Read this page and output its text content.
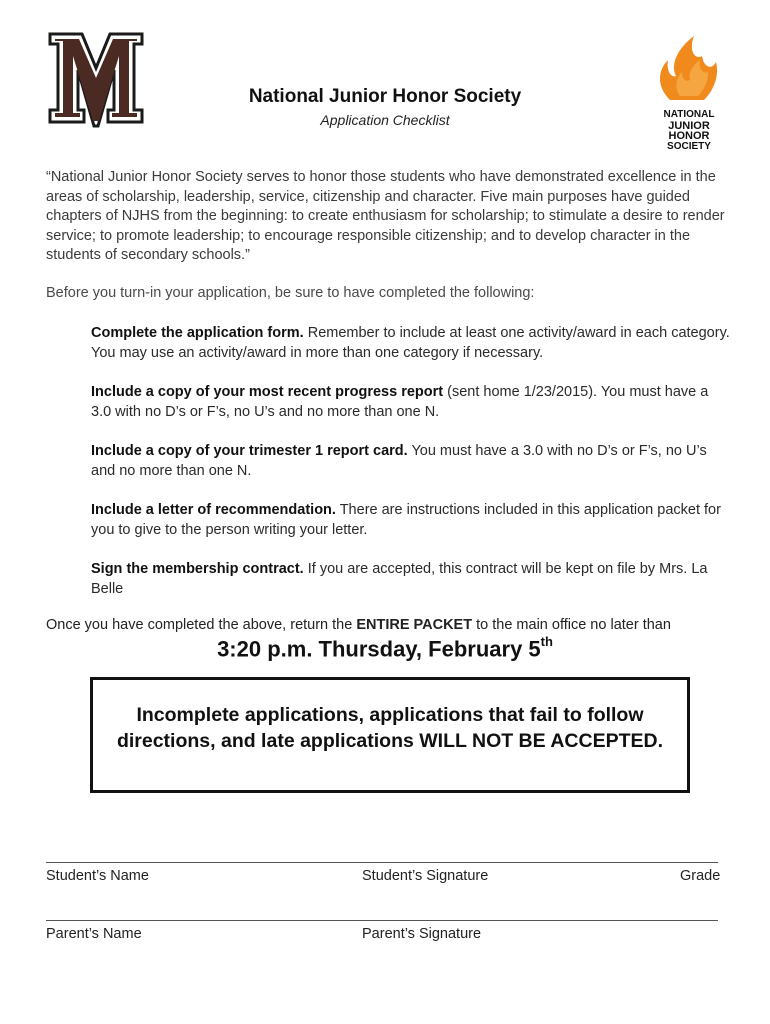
NATIONAL
JUNIOR
HONOR
SOCIETY
National Junior Honor Society
Application Checklist
“National Junior Honor Society serves to honor those students who have demonstrated excellence in the areas of scholarship, leadership, service, citizenship and character. Five main purposes have guided chapters of NJHS from the beginning: to create enthusiasm for scholarship; to stimulate a desire to render service; to promote leadership; to encourage responsible citizenship; and to develop character in the students of secondary schools.”
Before you turn-in your application, be sure to have completed the following:
Complete the application form. Remember to include at least one activity/award in each category. You may use an activity/award in more than one category if necessary.
Include a copy of your most recent progress report (sent home 1/23/2015). You must have a 3.0 with no D’s or F’s, no U’s and no more than one N.
Include a copy of your trimester 1 report card. You must have a 3.0 with no D’s or F’s, no U’s and no more than one N.
Include a letter of recommendation. There are instructions included in this application packet for you to give to the person writing your letter.
Sign the membership contract. If you are accepted, this contract will be kept on file by Mrs. La Belle
Once you have completed the above, return the ENTIRE PACKET to the main office no later than
3:20 p.m. Thursday, February 5th
Incomplete applications, applications that fail to follow
directions, and late applications WILL NOT BE ACCEPTED.
Student’s Name	Student’s Signature	Grade
Parent’s Name	Parent’s Signature
